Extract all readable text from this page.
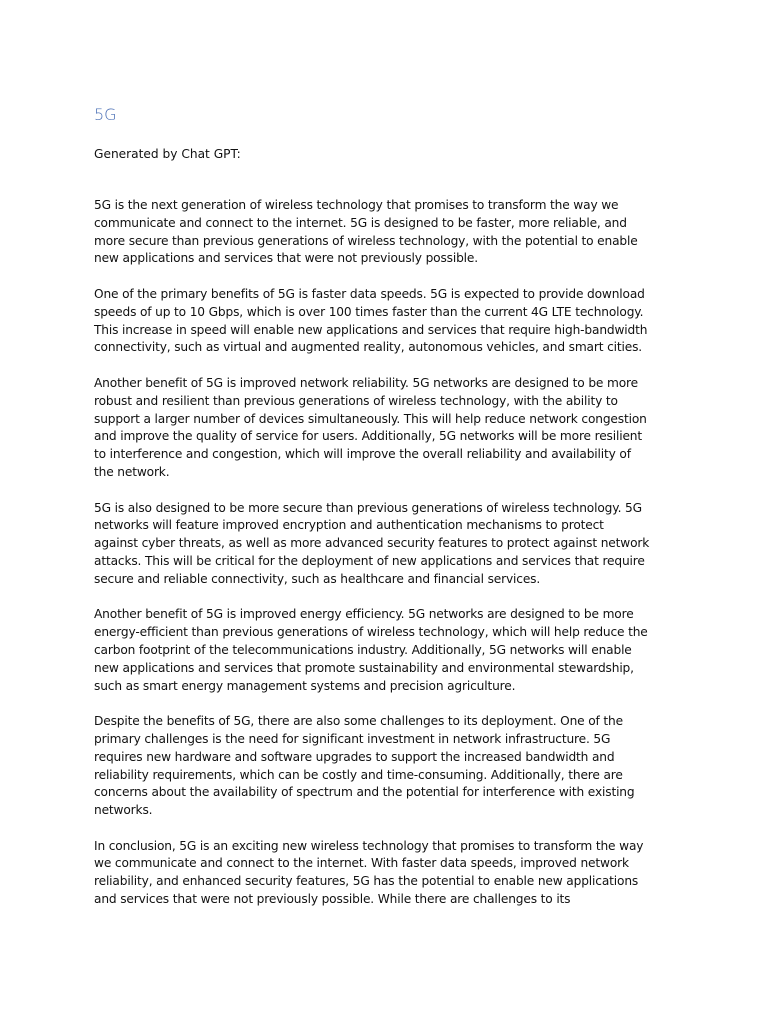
5G

Generated by Chat GPT:

5G is the next generation of wireless technology that promises to transform the way we
communicate and connect to the internet. 5G is designed to be faster, more reliable, and
more secure than previous generations of wireless technology, with the potential to enable
new applications and services that were not previously possible.

One of the primary benefits of 5G is faster data speeds. 5G is expected to provide download
speeds of up to 10 Gbps, which is over 100 times faster than the current 4G LTE technology.
This increase in speed will enable new applications and services that require high-bandwidth
connectivity, such as virtual and augmented reality, autonomous vehicles, and smart cities.

Another benefit of 5G is improved network reliability. 5G networks are designed to be more
robust and resilient than previous generations of wireless technology, with the ability to
support a larger number of devices simultaneously. This will help reduce network congestion
and improve the quality of service for users. Additionally, 5G networks will be more resilient
to interference and congestion, which will improve the overall reliability and availability of
the network.

5G is also designed to be more secure than previous generations of wireless technology. 5G
networks will feature improved encryption and authentication mechanisms to protect
against cyber threats, as well as more advanced security features to protect against network
attacks. This will be critical for the deployment of new applications and services that require
secure and reliable connectivity, such as healthcare and financial services.

Another benefit of 5G is improved energy efficiency. 5G networks are designed to be more
energy-efficient than previous generations of wireless technology, which will help reduce the
carbon footprint of the telecommunications industry. Additionally, 5G networks will enable
new applications and services that promote sustainability and environmental stewardship,
such as smart energy management systems and precision agriculture.

Despite the benefits of 5G, there are also some challenges to its deployment. One of the
primary challenges is the need for significant investment in network infrastructure. 5G
requires new hardware and software upgrades to support the increased bandwidth and
reliability requirements, which can be costly and time-consuming. Additionally, there are
concerns about the availability of spectrum and the potential for interference with existing
networks.

In conclusion, 5G is an exciting new wireless technology that promises to transform the way
we communicate and connect to the internet. With faster data speeds, improved network
reliability, and enhanced security features, 5G has the potential to enable new applications
and services that were not previously possible. While there are challenges to its
